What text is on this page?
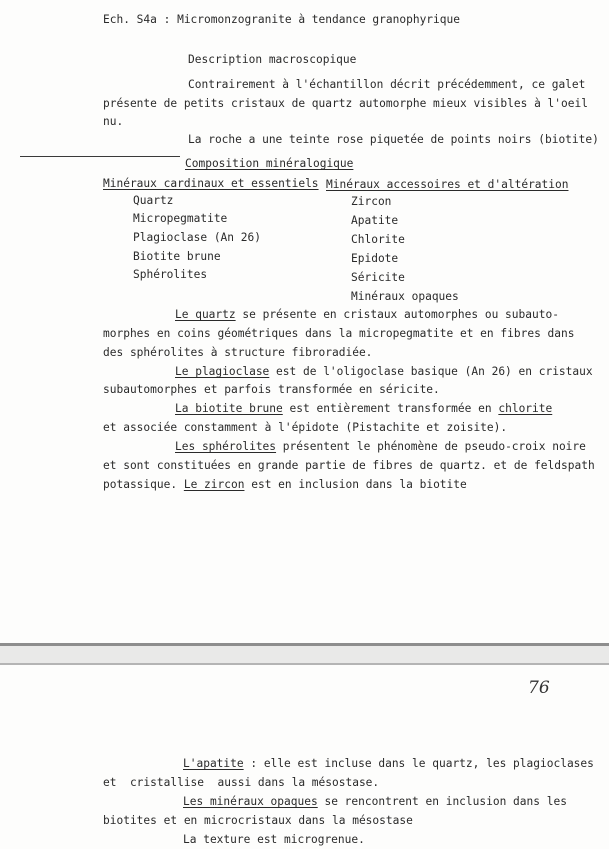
Ech. S4a : Micromonzogranite à tendance granophyrique
Description macroscopique
Contrairement à l'échantillon décrit précédemment, ce galet
présente de petits cristaux de quartz automorphe mieux visibles à l'oeil
nu.
La roche a une teinte rose piquetée de points noirs (biotite)
Composition minéralogique
Minéraux cardinaux et essentiels Minéraux accessoires et d'altération
Quartz
Micropegmatite
Plagioclase (An 26)
Biotite brune
Sphérolites
Zircon
Apatite
Chlorite
Epidote
Séricite
Minéraux opaques
Le quartz se présente en cristaux automorphes ou subauto-
morphes en coins géométriques dans la micropegmatite et en fibres dans
des sphérolites à structure fibroradiée.
Le plagioclase est de l'oligoclase basique (An 26) en cristaux
subautomorphes et parfois transformée en séricite.
La biotite brune est entièrement transformée en chlorite
et associée constamment à l'épidote (Pistachite et zoisite).
Les sphérolites présentent le phénomène de pseudo-croix noire
et sont constituées en grande partie de fibres de quartz. et de feldspath
potassique. Le zircon est en inclusion dans la biotite
76
L'apatite : elle est incluse dans le quartz, les plagioclases
et  cristallise  aussi dans la mésostase.
Les minéraux opaques se rencontrent en inclusion dans les
biotites et en microcristaux dans la mésostase
La texture est microgrenue.
